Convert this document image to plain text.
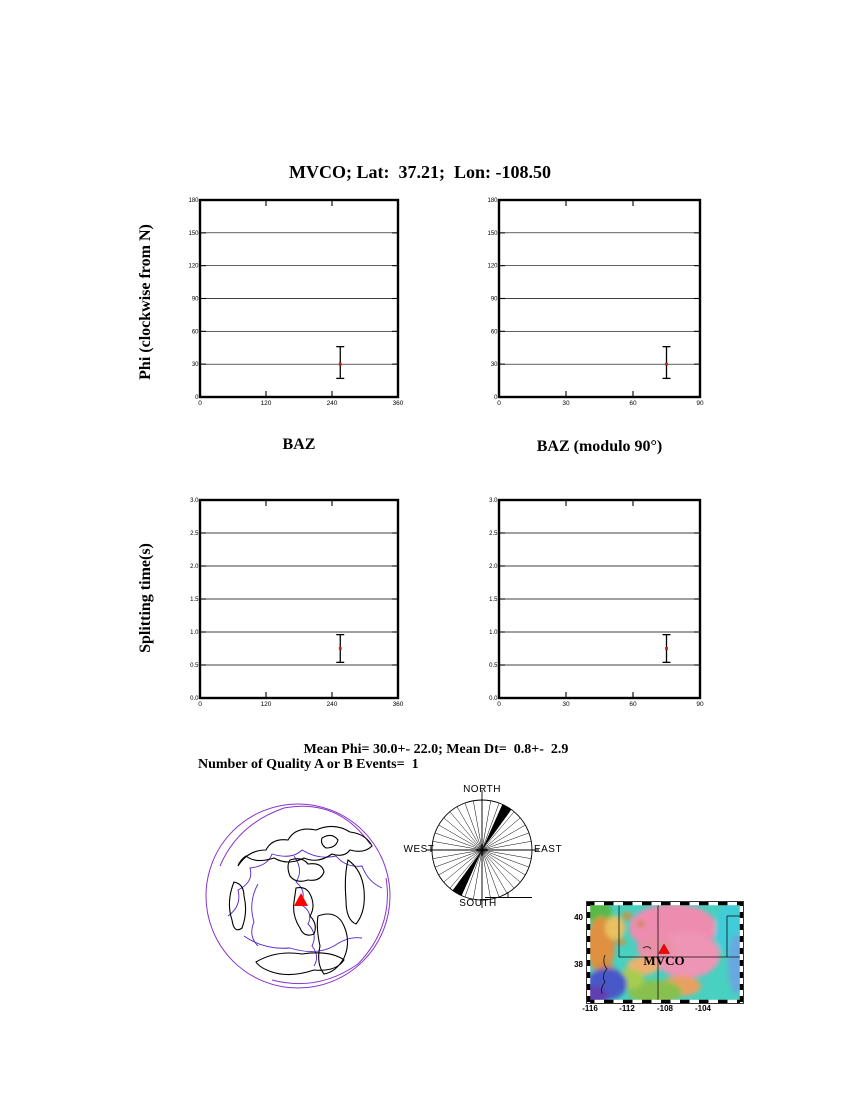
MVCO; Lat:  37.21;  Lon: -108.50
Phi (clockwise from N)
Splitting time(s)
0
30
60
90
120
150
180
0	120	240	360
0
30
60
90
120
150
180
0	30	60	90
0.0
0.5
1.0
1.5
2.0
2.5
3.0
0	120	240	360
0.0
0.5
1.0
1.5
2.0
2.5
3.0
0	30	60	90
BAZ	BAZ (modulo 90°)
Mean Phi= 30.0+- 22.0; Mean Dt=  0.8+-  2.9
Number of Quality A or B Events=  1
NORTH
EAST
SOUTH
WEST
MVCO
-116	-112	-108	-104
40
38
